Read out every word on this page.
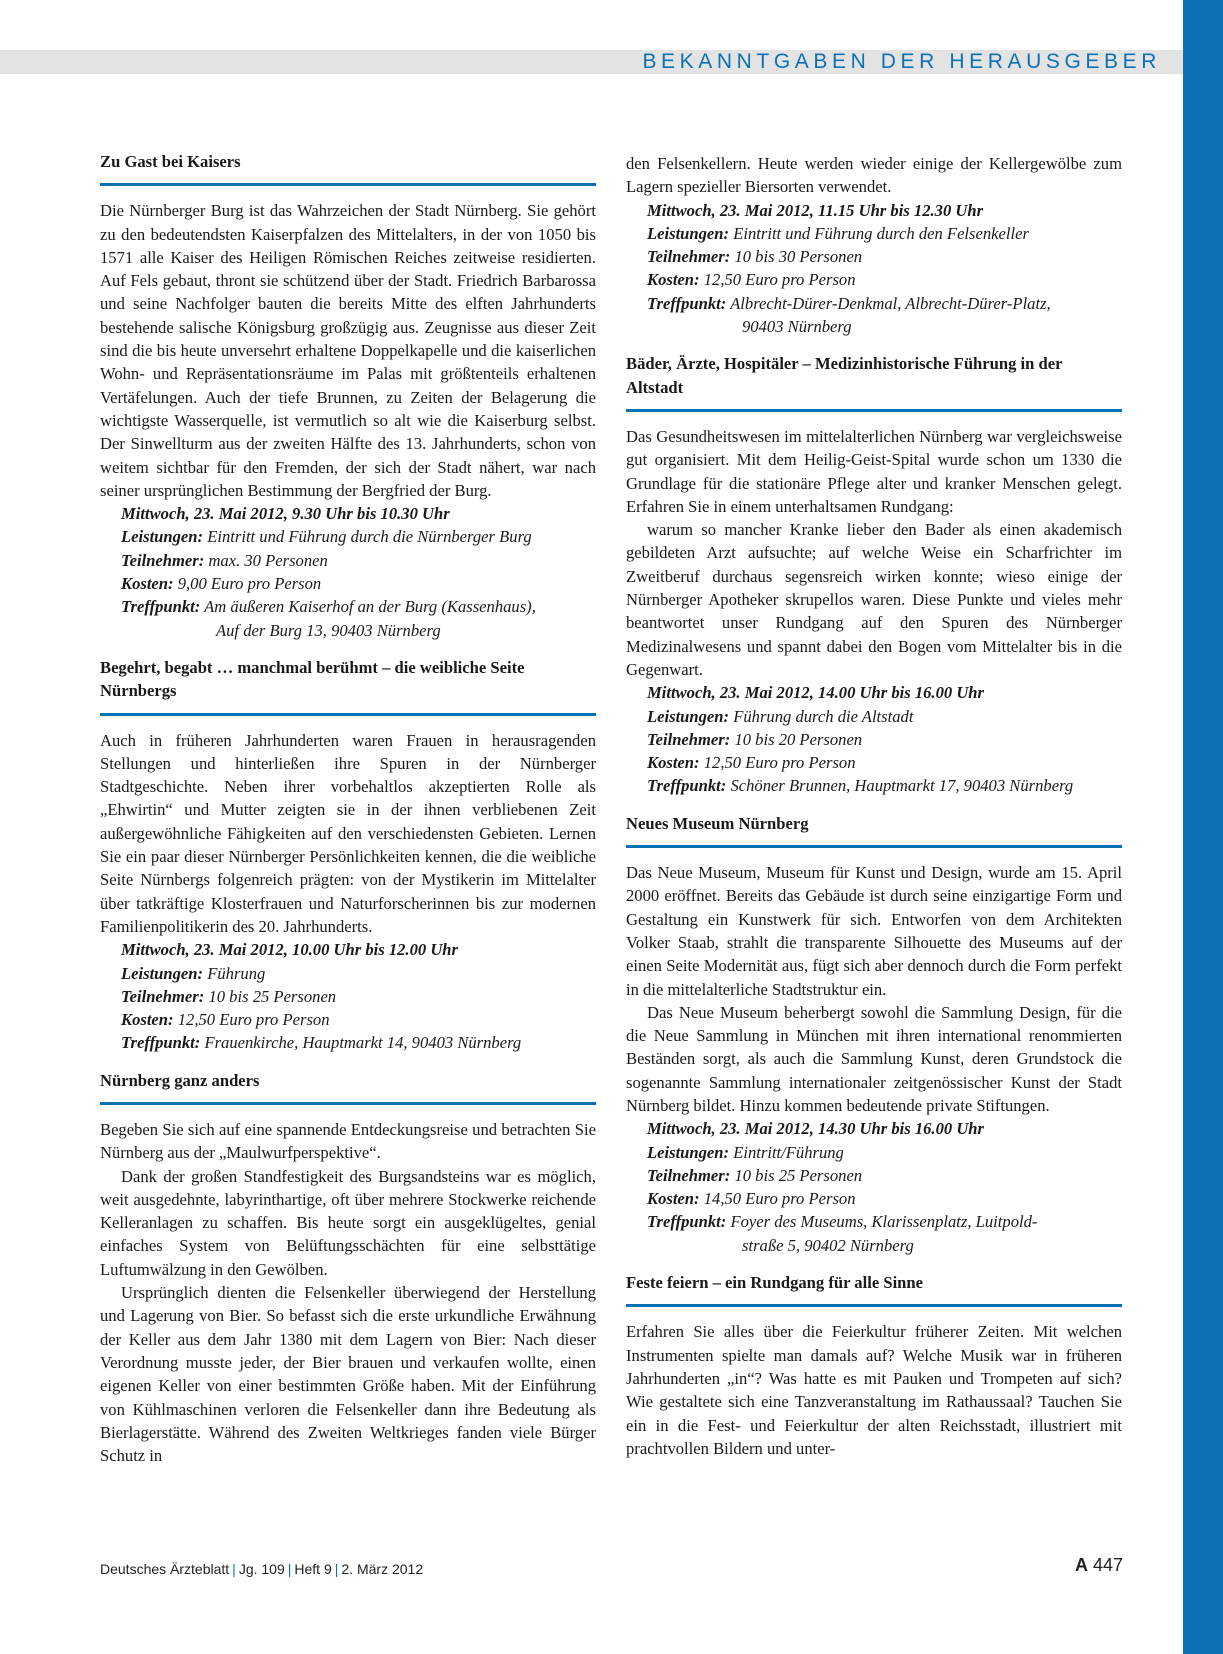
BEKANNTGABEN DER HERAUSGEBER
Zu Gast bei Kaisers

Die Nürnberger Burg ist das Wahrzeichen der Stadt Nürnberg. Sie gehört zu den bedeutendsten Kaiserpfalzen des Mittelalters, in der von 1050 bis 1571 alle Kaiser des Heiligen Römischen Reiches zeitweise residierten. Auf Fels gebaut, thront sie schützend über der Stadt. Friedrich Barbarossa und seine Nachfolger bauten die bereits Mitte des elften Jahrhunderts bestehende salische Königsburg großzügig aus. Zeugnisse aus dieser Zeit sind die bis heute unversehrt erhaltene Doppelkapelle und die kaiserlichen Wohn- und Repräsentationsräume im Palas mit größtenteils erhaltenen Vertäfelungen. Auch der tiefe Brunnen, zu Zeiten der Belagerung die wichtigste Wasserquelle, ist vermutlich so alt wie die Kaiserburg selbst. Der Sinwellturm aus der zweiten Hälfte des 13. Jahrhunderts, schon von weitem sichtbar für den Fremden, der sich der Stadt nähert, war nach seiner ursprünglichen Bestimmung der Bergfried der Burg.

Mittwoch, 23. Mai 2012, 9.30 Uhr bis 10.30 Uhr
Leistungen: Eintritt und Führung durch die Nürnberger Burg
Teilnehmer: max. 30 Personen
Kosten: 9,00 Euro pro Person
Treffpunkt: Am äußeren Kaiserhof an der Burg (Kassenhaus),
Auf der Burg 13, 90403 Nürnberg
Begehrt, begabt … manchmal berühmt – die weibliche Seite Nürnbergs

Auch in früheren Jahrhunderten waren Frauen in herausragenden Stellungen und hinterließen ihre Spuren in der Nürnberger Stadtgeschichte. Neben ihrer vorbehaltlos akzeptierten Rolle als „Ehwirtin“ und Mutter zeigten sie in der ihnen verbliebenen Zeit außergewöhnliche Fähigkeiten auf den verschiedensten Gebieten. Lernen Sie ein paar dieser Nürnberger Persönlichkeiten kennen, die die weibliche Seite Nürnbergs folgenreich prägten: von der Mystikerin im Mittelalter über tatkräftige Klosterfrauen und Naturforscherinnen bis zur modernen Familienpolitikerin des 20. Jahrhunderts.

Mittwoch, 23. Mai 2012, 10.00 Uhr bis 12.00 Uhr
Leistungen: Führung
Teilnehmer: 10 bis 25 Personen
Kosten: 12,50 Euro pro Person
Treffpunkt: Frauenkirche, Hauptmarkt 14, 90403 Nürnberg
Nürnberg ganz anders

Begeben Sie sich auf eine spannende Entdeckungsreise und betrachten Sie Nürnberg aus der „Maulwurfperspektive“.

Dank der großen Standfestigkeit des Burgsandsteins war es möglich, weit ausgedehnte, labyrinthartige, oft über mehrere Stockwerke reichende Kelleranlagen zu schaffen. Bis heute sorgt ein ausgeklügeltes, genial einfaches System von Belüftungsschächten für eine selbsttätige Luftumwälzung in den Gewölben.

Ursprünglich dienten die Felsenkeller überwiegend der Herstellung und Lagerung von Bier. So befasst sich die erste urkundliche Erwähnung der Keller aus dem Jahr 1380 mit dem Lagern von Bier: Nach dieser Verordnung musste jeder, der Bier brauen und verkaufen wollte, einen eigenen Keller von einer bestimmten Größe haben. Mit der Einführung von Kühlmaschinen verloren die Felsenkeller dann ihre Bedeutung als Bierlagerstätte. Während des Zweiten Weltkrieges fanden viele Bürger Schutz in

den Felsenkellern. Heute werden wieder einige der Kellergewölbe zum Lagern spezieller Biersorten verwendet.

Mittwoch, 23. Mai 2012, 11.15 Uhr bis 12.30 Uhr
Leistungen: Eintritt und Führung durch den Felsenkeller
Teilnehmer: 10 bis 30 Personen
Kosten: 12,50 Euro pro Person
Treffpunkt: Albrecht-Dürer-Denkmal, Albrecht-Dürer-Platz,
90403 Nürnberg
Bäder, Ärzte, Hospitäler – Medizinhistorische Führung in der Altstadt

Das Gesundheitswesen im mittelalterlichen Nürnberg war vergleichsweise gut organisiert. Mit dem Heilig-Geist-Spital wurde schon um 1330 die Grundlage für die stationäre Pflege alter und kranker Menschen gelegt. Erfahren Sie in einem unterhaltsamen Rundgang:

warum so mancher Kranke lieber den Bader als einen akademisch gebildeten Arzt aufsuchte; auf welche Weise ein Scharfrichter im Zweitberuf durchaus segensreich wirken konnte; wieso einige der Nürnberger Apotheker skrupellos waren. Diese Punkte und vieles mehr beantwortet unser Rundgang auf den Spuren des Nürnberger Medizinalwesens und spannt dabei den Bogen vom Mittelalter bis in die Gegenwart.

Mittwoch, 23. Mai 2012, 14.00 Uhr bis 16.00 Uhr
Leistungen: Führung durch die Altstadt
Teilnehmer: 10 bis 20 Personen
Kosten: 12,50 Euro pro Person
Treffpunkt: Schöner Brunnen, Hauptmarkt 17, 90403 Nürnberg
Neues Museum Nürnberg

Das Neue Museum, Museum für Kunst und Design, wurde am 15. April 2000 eröffnet. Bereits das Gebäude ist durch seine einzigartige Form und Gestaltung ein Kunstwerk für sich. Entworfen von dem Architekten Volker Staab, strahlt die transparente Silhouette des Museums auf der einen Seite Modernität aus, fügt sich aber dennoch durch die Form perfekt in die mittelalterliche Stadtstruktur ein.

Das Neue Museum beherbergt sowohl die Sammlung Design, für die die Neue Sammlung in München mit ihren international renommierten Beständen sorgt, als auch die Sammlung Kunst, deren Grundstock die sogenannte Sammlung internationaler zeitgenössischer Kunst der Stadt Nürnberg bildet. Hinzu kommen bedeutende private Stiftungen.

Mittwoch, 23. Mai 2012, 14.30 Uhr bis 16.00 Uhr
Leistungen: Eintritt/Führung
Teilnehmer: 10 bis 25 Personen
Kosten: 14,50 Euro pro Person
Treffpunkt: Foyer des Museums, Klarissenplatz, Luitpold-
straße 5, 90402 Nürnberg
Feste feiern – ein Rundgang für alle Sinne

Erfahren Sie alles über die Feierkultur früherer Zeiten. Mit welchen Instrumenten spielte man damals auf? Welche Musik war in früheren Jahrhunderten „in“? Was hatte es mit Pauken und Trompeten auf sich? Wie gestaltete sich eine Tanzveranstaltung im Rathaussaal? Tauchen Sie ein in die Fest- und Feierkultur der alten Reichsstadt, illustriert mit prachtvollen Bildern und unter-

Deutsches Ärzteblatt | Jg. 109 | Heft 9 | 2. März 2012	A 447
